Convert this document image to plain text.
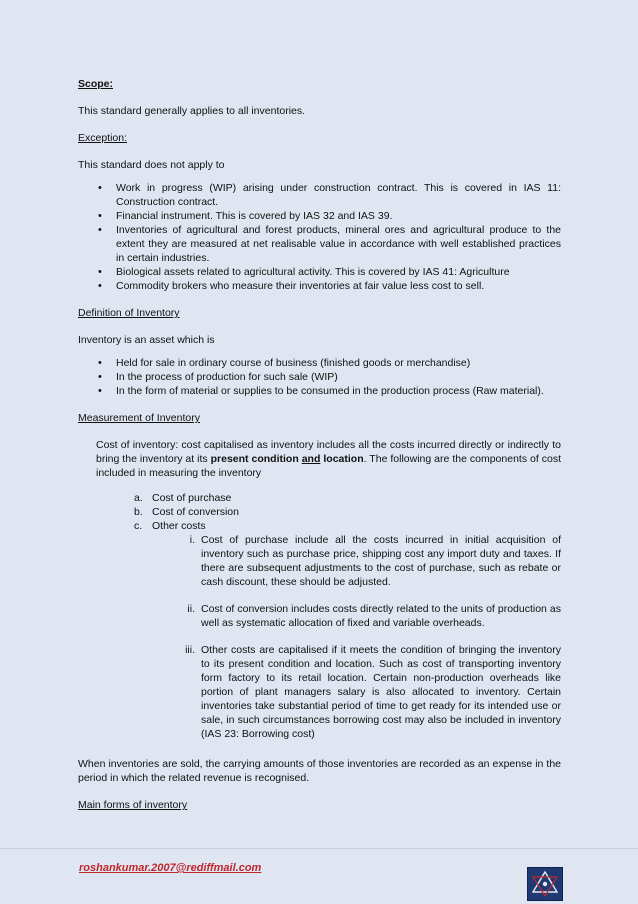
Scope:

This standard generally applies to all inventories.

Exception:

This standard does not apply to

• Work in progress (WIP) arising under construction contract. This is covered in IAS 11: Construction contract.
• Financial instrument. This is covered by IAS 32 and IAS 39.
• Inventories of agricultural and forest products, mineral ores and agricultural produce to the extent they are measured at net realisable value in accordance with well established practices in certain industries.
• Biological assets related to agricultural activity. This is covered by IAS 41: Agriculture
• Commodity brokers who measure their inventories at fair value less cost to sell.

Definition of Inventory

Inventory is an asset which is

• Held for sale in ordinary course of business (finished goods or merchandise)
• In the process of production for such sale (WIP)
• In the form of material or supplies to be consumed in the production process (Raw material).

Measurement of Inventory

Cost of inventory: cost capitalised as inventory includes all the costs incurred directly or indirectly to bring the inventory at its present condition and location. The following are the components of cost included in measuring the inventory

a. Cost of purchase
b. Cost of conversion
c. Other costs
i. Cost of purchase include all the costs incurred in initial acquisition of inventory such as purchase price, shipping cost any import duty and taxes. If there are subsequent adjustments to the cost of purchase, such as rebate or cash discount, these should be adjusted.
ii. Cost of conversion includes costs directly related to the units of production as well as systematic allocation of fixed and variable overheads.
iii. Other costs are capitalised if it meets the condition of bringing the inventory to its present condition and location. Such as cost of transporting inventory form factory to its retail location. Certain non-production overheads like portion of plant managers salary is also allocated to inventory. Certain inventories take substantial period of time to get ready for its intended use or sale, in such circumstances borrowing cost may also be included in inventory (IAS 23: Borrowing cost)

When inventories are sold, the carrying amounts of those inventories are recorded as an expense in the period in which the related revenue is recognised.

Main forms of inventory

roshankumar.2007@rediffmail.com
